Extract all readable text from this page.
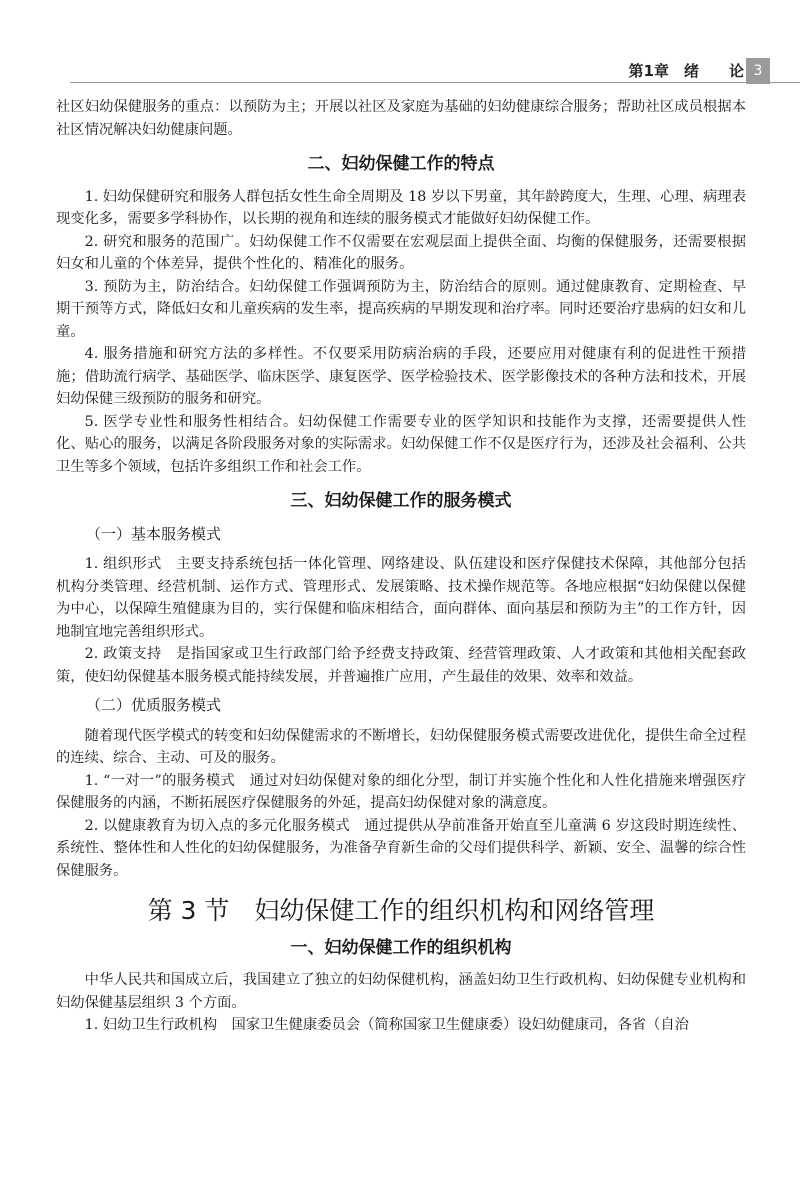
第1章　绪　　论 3

社区妇幼保健服务的重点：以预防为主；开展以社区及家庭为基础的妇幼健康综合服务；帮助社区成员根据本社区情况解决妇幼健康问题。

二、妇幼保健工作的特点

1. 妇幼保健研究和服务人群包括女性生命全周期及 18 岁以下男童，其年龄跨度大，生理、心理、病理表现变化多，需要多学科协作，以长期的视角和连续的服务模式才能做好妇幼保健工作。

2. 研究和服务的范围广。妇幼保健工作不仅需要在宏观层面上提供全面、均衡的保健服务，还需要根据妇女和儿童的个体差异，提供个性化的、精准化的服务。

3. 预防为主，防治结合。妇幼保健工作强调预防为主，防治结合的原则。通过健康教育、定期检查、早期干预等方式，降低妇女和儿童疾病的发生率，提高疾病的早期发现和治疗率。同时还要治疗患病的妇女和儿童。

4. 服务措施和研究方法的多样性。不仅要采用防病治病的手段，还要应用对健康有利的促进性干预措施；借助流行病学、基础医学、临床医学、康复医学、医学检验技术、医学影像技术的各种方法和技术，开展妇幼保健三级预防的服务和研究。

5. 医学专业性和服务性相结合。妇幼保健工作需要专业的医学知识和技能作为支撑，还需要提供人性化、贴心的服务，以满足各阶段服务对象的实际需求。妇幼保健工作不仅是医疗行为，还涉及社会福利、公共卫生等多个领域，包括许多组织工作和社会工作。

三、妇幼保健工作的服务模式
（一）基本服务模式

1. 组织形式　主要支持系统包括一体化管理、网络建设、队伍建设和医疗保健技术保障，其他部分包括机构分类管理、经营机制、运作方式、管理形式、发展策略、技术操作规范等。各地应根据“妇幼保健以保健为中心，以保障生殖健康为目的，实行保健和临床相结合，面向群体、面向基层和预防为主”的工作方针，因地制宜地完善组织形式。

2. 政策支持　是指国家或卫生行政部门给予经费支持政策、经营管理政策、人才政策和其他相关配套政策，使妇幼保健基本服务模式能持续发展，并普遍推广应用，产生最佳的效果、效率和效益。

（二）优质服务模式

随着现代医学模式的转变和妇幼保健需求的不断增长，妇幼保健服务模式需要改进优化，提供生命全过程的连续、综合、主动、可及的服务。

1. “一对一”的服务模式　通过对妇幼保健对象的细化分型，制订并实施个性化和人性化措施来增强医疗保健服务的内涵，不断拓展医疗保健服务的外延，提高妇幼保健对象的满意度。

2. 以健康教育为切入点的多元化服务模式　通过提供从孕前准备开始直至儿童满 6 岁这段时期连续性、系统性、整体性和人性化的妇幼保健服务，为准备孕育新生命的父母们提供科学、新颖、安全、温馨的综合性保健服务。

第 3 节　妇幼保健工作的组织机构和网络管理
一、妇幼保健工作的组织机构

中华人民共和国成立后，我国建立了独立的妇幼保健机构，涵盖妇幼卫生行政机构、妇幼保健专业机构和妇幼保健基层组织 3 个方面。

1. 妇幼卫生行政机构　国家卫生健康委员会（简称国家卫生健康委）设妇幼健康司，各省（自治
